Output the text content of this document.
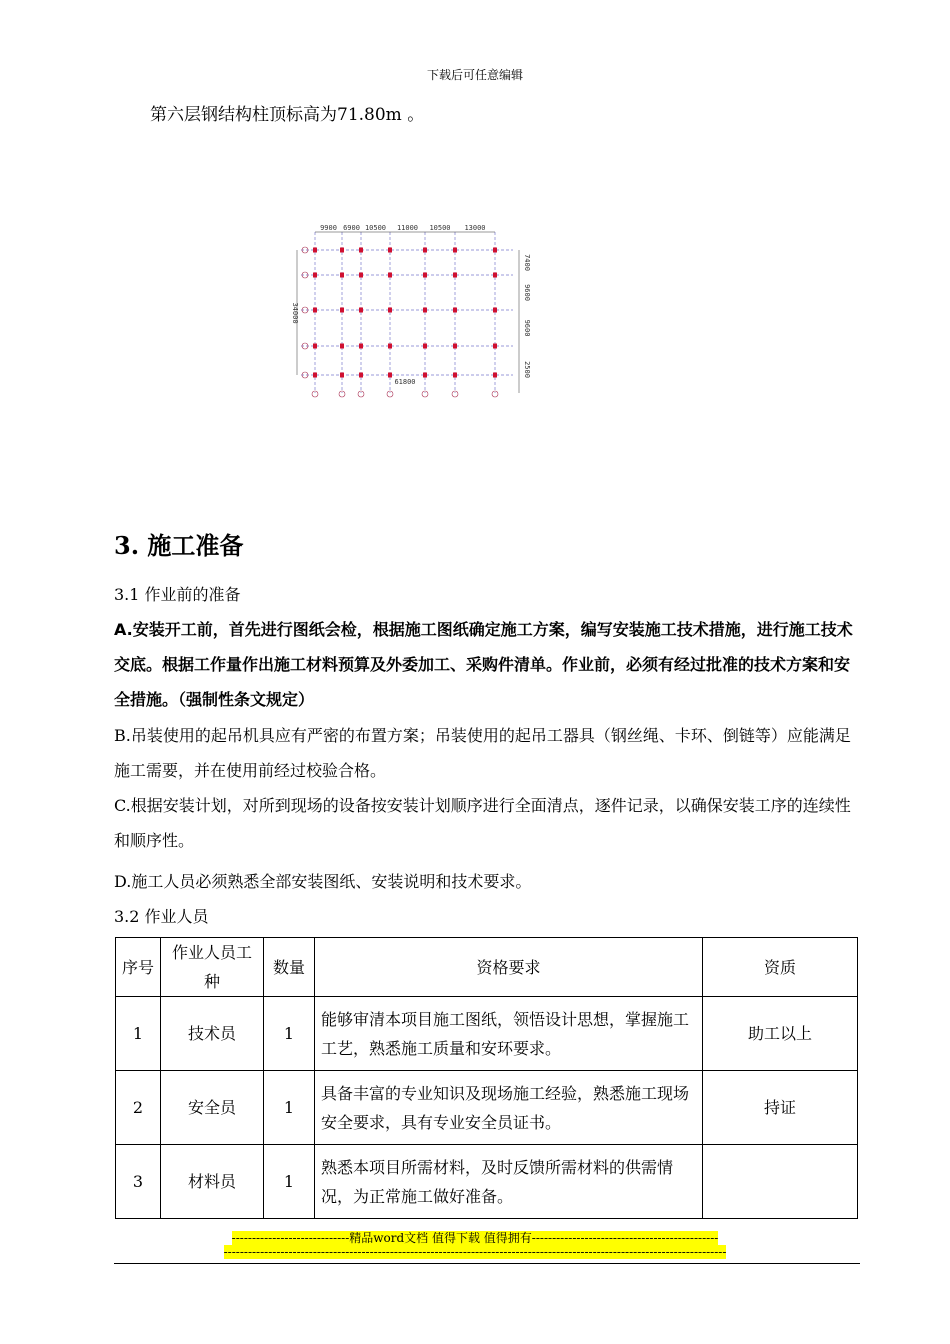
下载后可任意编辑
第六层钢结构柱顶标高为71.80m 。
9900 6900 10500 11000 10500 13000
7400
9600
9600
2500
34000
61800
3. 施工准备
3.1 作业前的准备
A.安装开工前，首先进行图纸会检，根据施工图纸确定施工方案，编写安装施工技术措施，进行施工技术交底。根据工作量作出施工材料预算及外委加工、采购件清单。作业前，必须有经过批准的技术方案和安全措施。（强制性条文规定）
B.吊装使用的起吊机具应有严密的布置方案；吊装使用的起吊工器具（钢丝绳、卡环、倒链等）应能满足施工需要，并在使用前经过校验合格。
C.根据安装计划，对所到现场的设备按安装计划顺序进行全面清点，逐件记录，以确保安装工序的连续性和顺序性。
D.施工人员必须熟悉全部安装图纸、安装说明和技术要求。
3.2 作业人员
序号	作业人员工种	数量	资格要求	资质
1	技术员	1	能够审清本项目施工图纸，领悟设计思想，掌握施工工艺，熟悉施工质量和安环要求。	助工以上
2	安全员	1	具备丰富的专业知识及现场施工经验，熟悉施工现场安全要求，具有专业安全员证书。	持证
3	材料员	1	熟悉本项目所需材料，及时反馈所需材料的供需情况，为正常施工做好准备。	
-----------------------------精品word文档 值得下载 值得拥有----------------------------------------------
----------------------------------------------------------------------------------------------------------------------------
